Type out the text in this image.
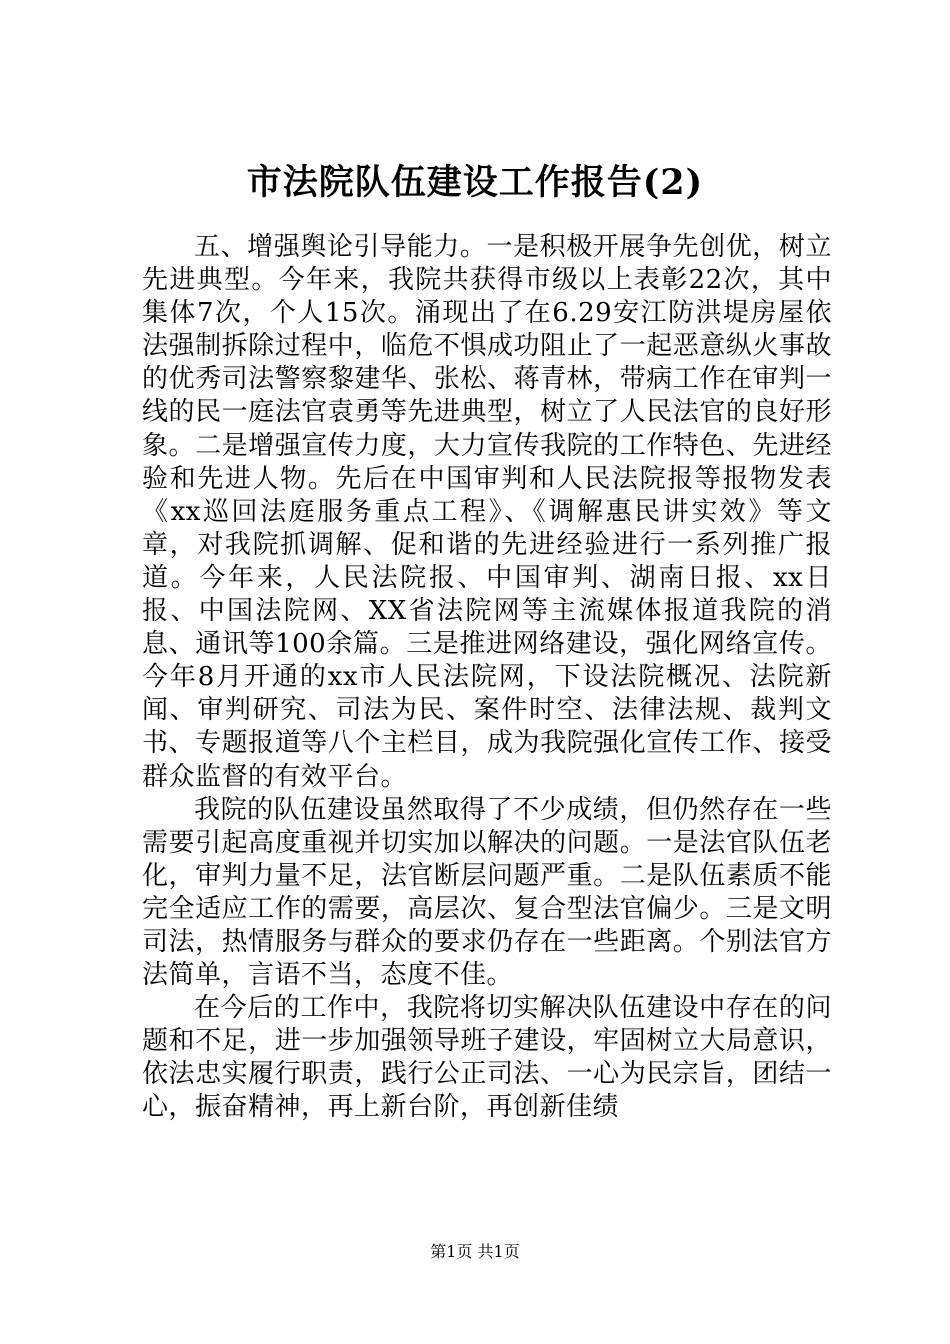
市法院队伍建设工作报告(2)

五、增强舆论引导能力。一是积极开展争先创优，树立先进典型。今年来，我院共获得市级以上表彰22次，其中集体7次，个人15次。涌现出了在6.29安江防洪堤房屋依法强制拆除过程中，临危不惧成功阻止了一起恶意纵火事故的优秀司法警察黎建华、张松、蒋青林，带病工作在审判一线的民一庭法官袁勇等先进典型，树立了人民法官的良好形象。二是增强宣传力度，大力宣传我院的工作特色、先进经验和先进人物。先后在中国审判和人民法院报等报物发表《xx巡回法庭服务重点工程》、《调解惠民讲实效》等文章，对我院抓调解、促和谐的先进经验进行一系列推广报道。今年来，人民法院报、中国审判、湖南日报、xx日报、中国法院网、XX省法院网等主流媒体报道我院的消息、通讯等100余篇。三是推进网络建设，强化网络宣传。今年8月开通的xx市人民法院网，下设法院概况、法院新闻、审判研究、司法为民、案件时空、法律法规、裁判文书、专题报道等八个主栏目，成为我院强化宣传工作、接受群众监督的有效平台。

我院的队伍建设虽然取得了不少成绩，但仍然存在一些需要引起高度重视并切实加以解决的问题。一是法官队伍老化，审判力量不足，法官断层问题严重。二是队伍素质不能完全适应工作的需要，高层次、复合型法官偏少。三是文明司法，热情服务与群众的要求仍存在一些距离。个别法官方法简单，言语不当，态度不佳。

在今后的工作中，我院将切实解决队伍建设中存在的问题和不足，进一步加强领导班子建设，牢固树立大局意识，依法忠实履行职责，践行公正司法、一心为民宗旨，团结一心，振奋精神，再上新台阶，再创新佳绩

第1页 共1页
